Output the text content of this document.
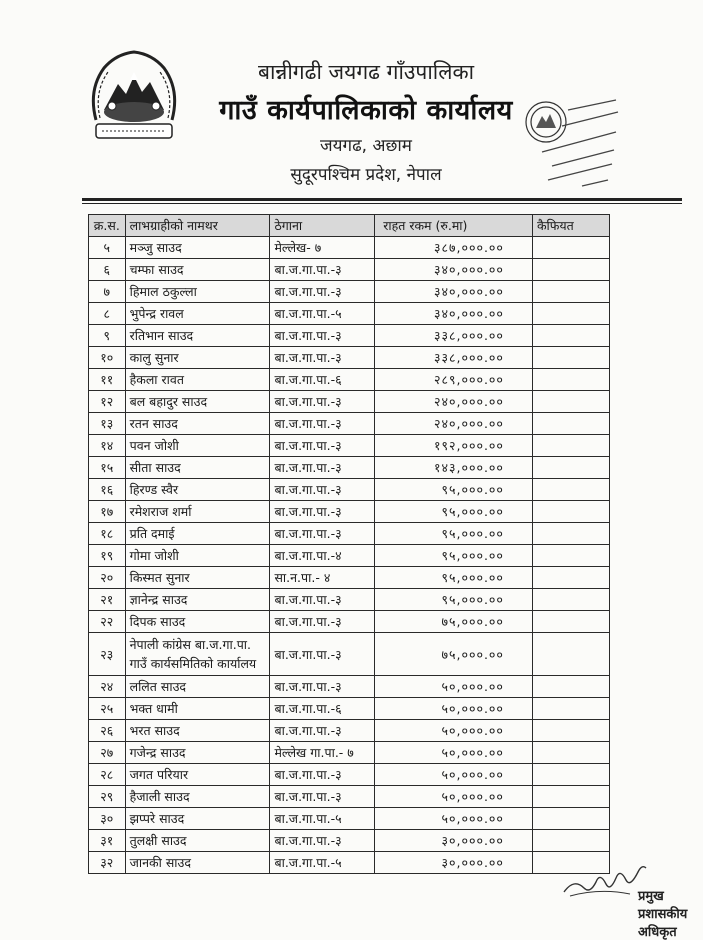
बान्नीगढी जयगढ गाँउपालिका
गाउँ कार्यपालिकाको कार्यालय
जयगढ, अछाम
सुदूरपश्चिम प्रदेश, नेपाल
क्र.स.	लाभग्राहीको नामथर	ठेगाना	राहत रकम (रु.मा)	कैफियत
५	मञ्जु साउद	मेल्लेख- ७	३८७,०००.००	
६	चम्फा साउद	बा.ज.गा.पा.-३	३४०,०००.००	
७	हिमाल ठकुल्ला	बा.ज.गा.पा.-३	३४०,०००.००	
८	भुपेन्द्र रावल	बा.ज.गा.पा.-५	३४०,०००.००	
९	रतिभान साउद	बा.ज.गा.पा.-३	३३८,०००.००	
१०	कालु सुनार	बा.ज.गा.पा.-३	३३८,०००.००	
११	हैकला रावत	बा.ज.गा.पा.-६	२८९,०००.००	
१२	बल बहादुर साउद	बा.ज.गा.पा.-३	२४०,०००.००	
१३	रतन साउद	बा.ज.गा.पा.-३	२४०,०००.००	
१४	पवन जोशी	बा.ज.गा.पा.-३	१९२,०००.००	
१५	सीता साउद	बा.ज.गा.पा.-३	१४३,०००.००	
१६	हिरण्ड स्वैर	बा.ज.गा.पा.-३	९५,०००.००	
१७	रमेशराज शर्मा	बा.ज.गा.पा.-३	९५,०००.००	
१८	प्रति दमाई	बा.ज.गा.पा.-३	९५,०००.००	
१९	गोमा जोशी	बा.ज.गा.पा.-४	९५,०००.००	
२०	किस्मत सुनार	सा.न.पा.- ४	९५,०००.००	
२१	ज्ञानेन्द्र साउद	बा.ज.गा.पा.-३	९५,०००.००	
२२	दिपक साउद	बा.ज.गा.पा.-३	७५,०००.००	
२३	नेपाली कांग्रेस बा.ज.गा.पा. गाउँ कार्यसमितिको कार्यालय	बा.ज.गा.पा.-३	७५,०००.००	
२४	ललित साउद	बा.ज.गा.पा.-३	५०,०००.००	
२५	भक्त धामी	बा.ज.गा.पा.-६	५०,०००.००	
२६	भरत साउद	बा.ज.गा.पा.-३	५०,०००.००	
२७	गजेन्द्र साउद	मेल्लेख गा.पा.- ७	५०,०००.००	
२८	जगत परियार	बा.ज.गा.पा.-३	५०,०००.००	
२९	हैजाली साउद	बा.ज.गा.पा.-३	५०,०००.००	
३०	झप्परे साउद	बा.ज.गा.पा.-५	५०,०००.००	
३१	तुलक्षी साउद	बा.ज.गा.पा.-३	३०,०००.००	
३२	जानकी साउद	बा.ज.गा.पा.-५	३०,०००.००	
प्रमुख प्रशासकीय अधिकृत
